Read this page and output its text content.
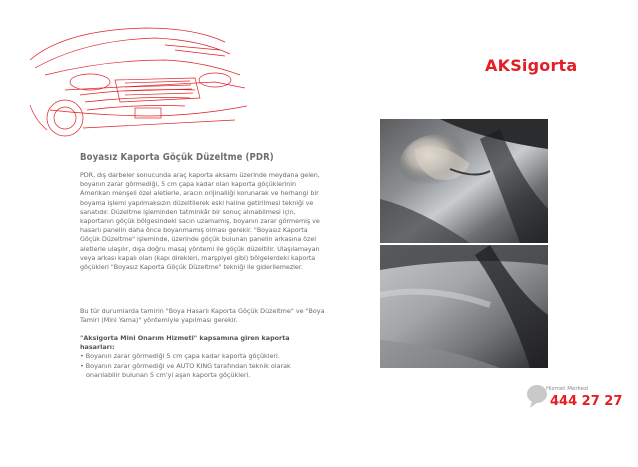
AKSigorta
Boyasız Kaporta Göçük Düzeltme (PDR)

PDR, dış darbeler sonucunda araç kaporta aksamı üzerinde meydana gelen, boyanın zarar görmediği, 5 cm çapa kadar olan kaporta göçüklerinin Amerikan menşeli özel aletlerle, aracın orijinalliği korunarak ve herhangi bir boyama işlemi yapılmaksızın düzeltilerek eski haline getirilmesi tekniği ve sanatıdır. Düzeltme işleminden tatminkâr bir sonuç alınabilmesi için, kaportanın göçük bölgesindeki sacın uzamamış, boyanın zarar görmemiş ve hasarlı panelin daha önce boyanmamış olması gerekir. "Boyasız Kaporta Göçük Düzeltme" işleminde, üzerinde göçük bulunan panelin arkasına özel aletlerle ulaşılır, dışa doğru masaj yöntemi ile göçük düzeltilir. Ulaşılamayan veya arkası kapalı olan (kapı direkleri, marşpiyel gibi) bölgelerdeki kaporta göçükleri "Boyasız Kaporta Göçük Düzeltme" tekniği ile giderilemezler.

Bu tür durumlarda tamirin "Boya Hasarlı Kaporta Göçük Düzeltme" ve "Boya Tamiri (Mini Yama)" yöntemiyle yapılması gerekir.

"Aksigorta Mini Onarım Hizmeti" kapsamına giren kaporta hasarları:
• Boyanın zarar görmediği 5 cm çapa kadar kaporta göçükleri.
• Boyanın zarar görmediği ve AUTO KING tarafından teknik olarak
onarılabilir bulunan 5 cm'yi aşan kaporta göçükleri.
Hizmet Merkezi
444 27 27
